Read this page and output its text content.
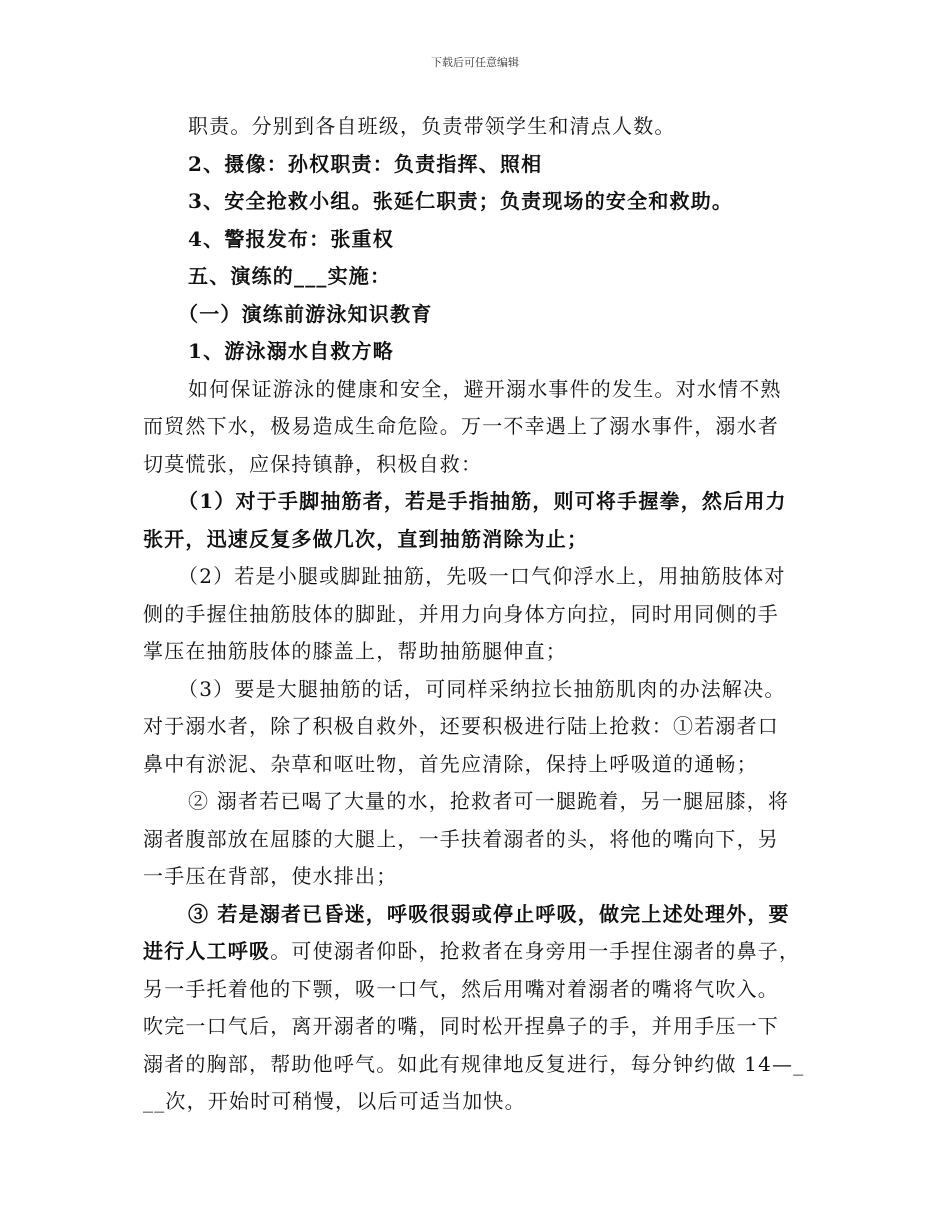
下载后可任意编辑

职责。分别到各自班级，负责带领学生和清点人数。

2、摄像：孙权职责：负责指挥、照相

3、安全抢救小组。张延仁职责；负责现场的安全和救助。

4、警报发布：张重权

五、演练的___实施：

（一）演练前游泳知识教育

1、游泳溺水自救方略

如何保证游泳的健康和安全，避开溺水事件的发生。对水情不熟

而贸然下水，极易造成生命危险。万一不幸遇上了溺水事件，溺水者

切莫慌张，应保持镇静，积极自救：

（1）对于手脚抽筋者，若是手指抽筋，则可将手握拳，然后用力

张开，迅速反复多做几次，直到抽筋消除为止；

（2）若是小腿或脚趾抽筋，先吸一口气仰浮水上，用抽筋肢体对

侧的手握住抽筋肢体的脚趾，并用力向身体方向拉，同时用同侧的手

掌压在抽筋肢体的膝盖上，帮助抽筋腿伸直；

（3）要是大腿抽筋的话，可同样采纳拉长抽筋肌肉的办法解决。

对于溺水者，除了积极自救外，还要积极进行陆上抢救：①若溺者口

鼻中有淤泥、杂草和呕吐物，首先应清除，保持上呼吸道的通畅；

② 溺者若已喝了大量的水，抢救者可一腿跪着，另一腿屈膝，将

溺者腹部放在屈膝的大腿上，一手扶着溺者的头，将他的嘴向下，另

一手压在背部，使水排出；

③ 若是溺者已昏迷，呼吸很弱或停止呼吸，做完上述处理外，要

进行人工呼吸。可使溺者仰卧，抢救者在身旁用一手捏住溺者的鼻子，

另一手托着他的下颚，吸一口气，然后用嘴对着溺者的嘴将气吹入。

吹完一口气后，离开溺者的嘴，同时松开捏鼻子的手，并用手压一下

溺者的胸部，帮助他呼气。如此有规律地反复进行，每分钟约做 14—_

__次，开始时可稍慢，以后可适当加快。
